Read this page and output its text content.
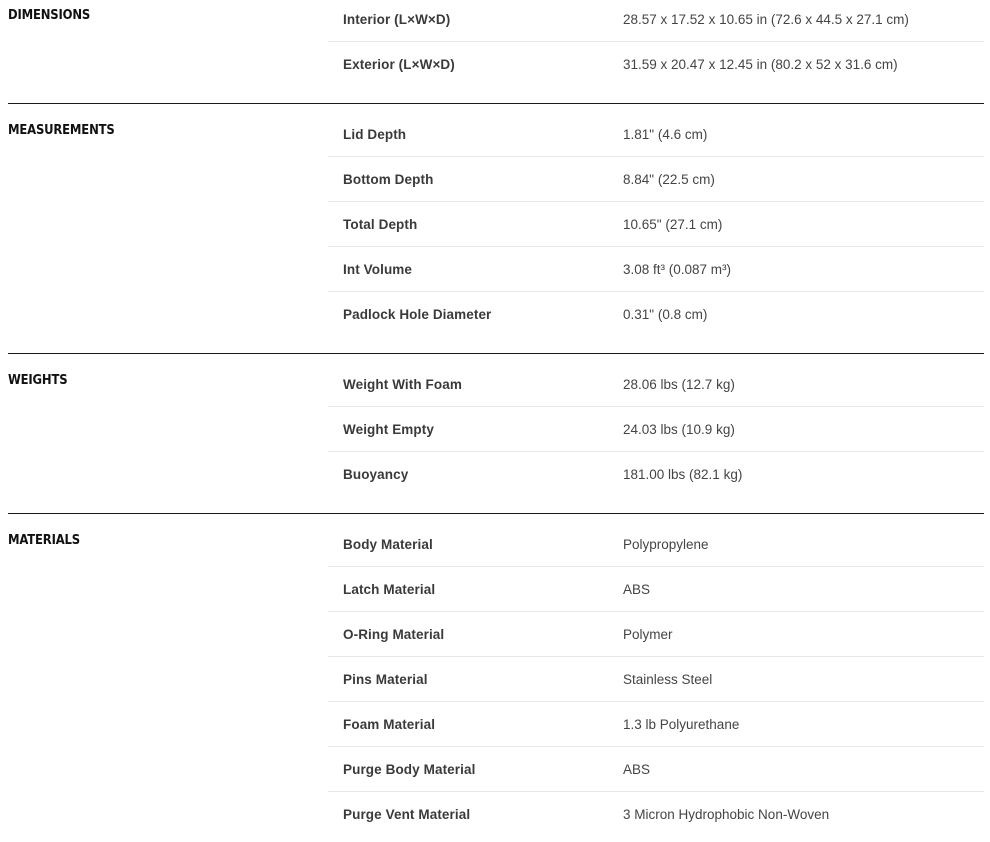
DIMENSIONS	Interior (L×W×D)	28.57 x 17.52 x 10.65 in (72.6 x 44.5 x 27.1 cm)
Exterior (L×W×D)	31.59 x 20.47 x 12.45 in (80.2 x 52 x 31.6 cm)
MEASUREMENTS	Lid Depth	1.81" (4.6 cm)
Bottom Depth	8.84" (22.5 cm)
Total Depth	10.65" (27.1 cm)
Int Volume	3.08 ft³ (0.087 m³)
Padlock Hole Diameter	0.31" (0.8 cm)
WEIGHTS	Weight With Foam	28.06 lbs (12.7 kg)
Weight Empty	24.03 lbs (10.9 kg)
Buoyancy	181.00 lbs (82.1 kg)
MATERIALS	Body Material	Polypropylene
Latch Material	ABS
O-Ring Material	Polymer
Pins Material	Stainless Steel
Foam Material	1.3 lb Polyurethane
Purge Body Material	ABS
Purge Vent Material	3 Micron Hydrophobic Non-Woven
